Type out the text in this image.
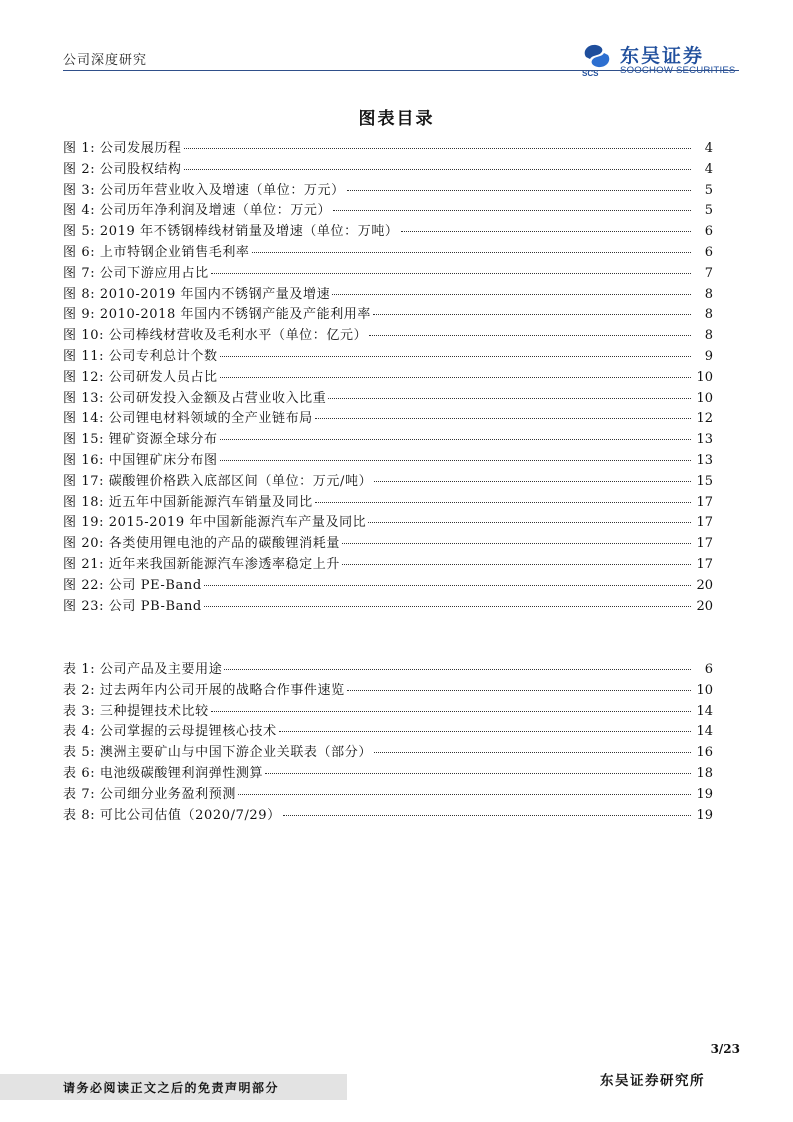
公司深度研究
SCS
东吴证券
SOOCHOW SECURITIES
图表目录
图 1: 公司发展历程	4
图 2: 公司股权结构	4
图 3: 公司历年营业收入及增速（单位：万元）	5
图 4: 公司历年净利润及增速（单位：万元）	5
图 5: 2019 年不锈钢棒线材销量及增速（单位：万吨）	6
图 6: 上市特钢企业销售毛利率	6
图 7: 公司下游应用占比	7
图 8: 2010-2019 年国内不锈钢产量及增速	8
图 9: 2010-2018 年国内不锈钢产能及产能利用率	8
图 10: 公司棒线材营收及毛利水平（单位：亿元）	8
图 11: 公司专利总计个数	9
图 12: 公司研发人员占比	10
图 13: 公司研发投入金额及占营业收入比重	10
图 14: 公司锂电材料领域的全产业链布局	12
图 15: 锂矿资源全球分布	13
图 16: 中国锂矿床分布图	13
图 17: 碳酸锂价格跌入底部区间（单位：万元/吨）	15
图 18: 近五年中国新能源汽车销量及同比	17
图 19: 2015-2019 年中国新能源汽车产量及同比	17
图 20: 各类使用锂电池的产品的碳酸锂消耗量	17
图 21: 近年来我国新能源汽车渗透率稳定上升	17
图 22: 公司 PE-Band	20
图 23: 公司 PB-Band	20
表 1: 公司产品及主要用途	6
表 2: 过去两年内公司开展的战略合作事件速览	10
表 3: 三种提锂技术比较	14
表 4: 公司掌握的云母提锂核心技术	14
表 5: 澳洲主要矿山与中国下游企业关联表（部分）	16
表 6: 电池级碳酸锂利润弹性测算	18
表 7: 公司细分业务盈利预测	19
表 8: 可比公司估值（2020/7/29）	19
3/23
请务必阅读正文之后的免责声明部分	东吴证券研究所
